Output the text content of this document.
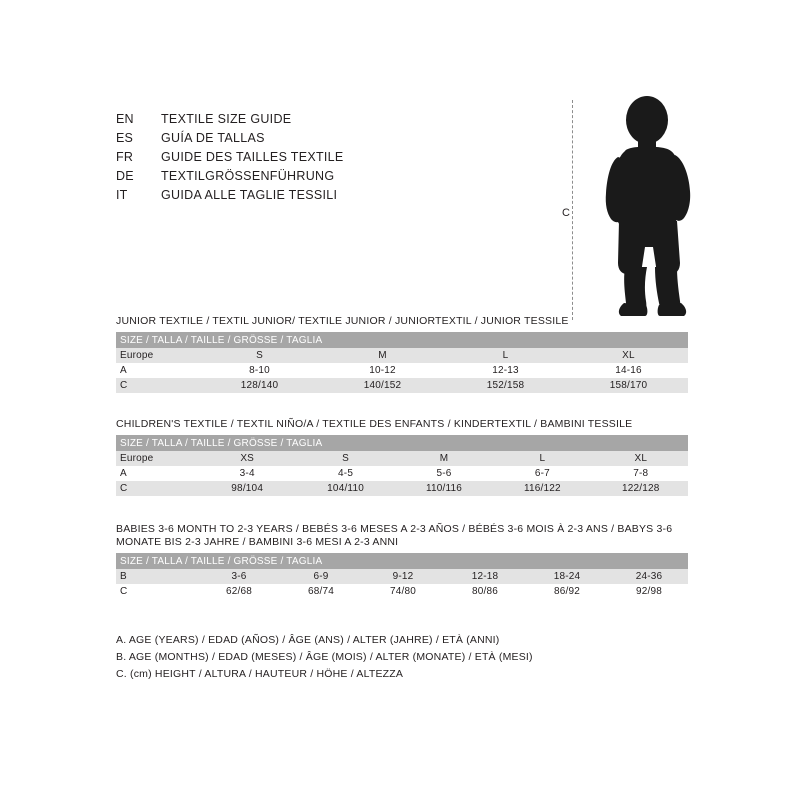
EN	TEXTILE SIZE GUIDE
ES	GUÍA DE TALLAS
FR	GUIDE DES TAILLES TEXTILE
DE	TEXTILGRÖSSENFÜHRUNG
IT	GUIDA ALLE TAGLIE TESSILI
C
JUNIOR TEXTILE / TEXTIL JUNIOR/ TEXTILE JUNIOR / JUNIORTEXTIL / JUNIOR TESSILE
SIZE / TALLA / TAILLE / GRÖSSE / TAGLIA				
Europe	S	M	L	XL
A	8-10	10-12	12-13	14-16
C	128/140	140/152	152/158	158/170
CHILDREN'S TEXTILE / TEXTIL NIÑO/A / TEXTILE DES ENFANTS / KINDERTEXTIL / BAMBINI TESSILE
SIZE / TALLA / TAILLE / GRÖSSE / TAGLIA					
Europe	XS	S	M	L	XL
A	3-4	4-5	5-6	6-7	7-8
C	98/104	104/110	110/116	116/122	122/128
BABIES 3-6 MONTH TO 2-3 YEARS / BEBÉS 3-6 MESES A 2-3 AÑOS / BÉBÉS 3-6 MOIS À 2-3 ANS / BABYS 3-6 MONATE BIS 2-3 JAHRE / BAMBINI 3-6 MESI A 2-3 ANNI
SIZE / TALLA / TAILLE / GRÖSSE / TAGLIA						
B	3-6	6-9	9-12	12-18	18-24	24-36
C	62/68	68/74	74/80	80/86	86/92	92/98
A. AGE (YEARS) / EDAD (AÑOS) / ÂGE (ANS) / ALTER (JAHRE) / ETÀ (ANNI)
B. AGE (MONTHS) / EDAD (MESES) / ÂGE (MOIS) / ALTER (MONATE) / ETÀ (MESI)
C. (cm) HEIGHT / ALTURA / HAUTEUR / HÖHE / ALTEZZA
